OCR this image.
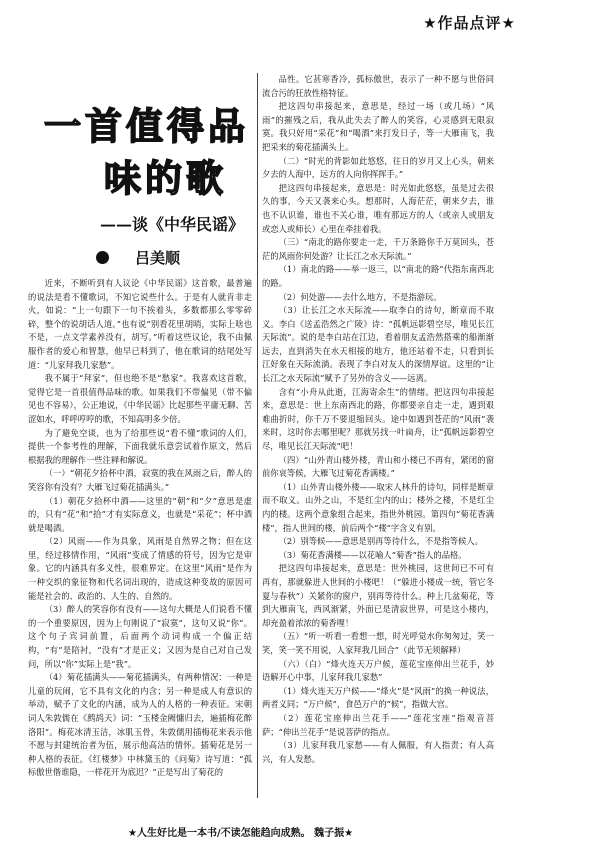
★作品点评★
一首值得品
味的歌
——谈《中华民谣》
吕美顺

近来，不断听到有人议论《中华民谣》这首歌，最普遍的说法是看不懂歌词，不知它说些什么。于是有人就肯非走火，如说：“上一句跟下一句不挨着头，多数都那么零零碎碎，整个的说胡话人道。”也有说“别看花里胡哨，实际上啥也不是，一点文学素养没有，胡写。”听着这些议论，我不由佩服作者的爱心和智慧，他早已料到了，他在歌词的结尾处写道：“儿家拜我几家愁”。

我不属于“拜家”，但也绝不是“愁家”。我喜欢这首歌，觉得它是一首很值得品味的歌。如果我们不带偏见（带不偏见也不容易），公正地说，《中华民谣》比起那些平庸无聊、苦涩如水，呼呼哼哼的歌，不知高明多少倍。

为了避免空谈，也为了给那些说“看不懂”歌词的人们，提供一个参考性的理解，下面我就乐意尝试着作原文，然后根据我的理解作一些注释和解说。

（一）“朝花夕拾杯中酒，寂寞的我在风雨之后，醉人的笑容你有没有？大雁飞过菊花插满头。”

（1）朝花夕拾杯中酒——这里的“朝”和“夕”意思是虚的，只有“花”和“拾”才有实际意义，也就是“采花”；杯中酒就是喝酒。

（2）风雨——作为具象，风雨是自然界之物；但在这里，经过移情作用，“风雨”变成了情感的符号，因为它是审象。它的内涵具有多义性，很难界定。在这里“风雨”是作为一种交织的象征物和代名词出现的，造成这种变故的原因可能是社会的、政治的、人生的、自然的。

（3）醉人的笑容你有没有——这句大概是人们说看不懂的一个重要原因，因为上句刚说了“寂寞”，这句又说“你”。这个句子宾词前置，后面两个动词构成一个偏正结构，“有”是陪衬，“没有”才是正义；又因为是自己对自己发问，所以“你”实际上是“我”。

（4）菊花插满头——菊花插满头，有两种情况：一种是儿童的玩闹，它不具有文化的内含；另一种是成人有意识的举动，赋予了文化的内涵，成为人的人格的一种表征。宋朝词人朱敦儒在《鹧鸪天》词：“玉楼金阙慵归去，遍插梅花醉洛阳”。梅花冰清玉洁，冰肌玉骨，朱敦儒用插梅花来表示他不愿与封建统治者为伍，展示他高洁的情怀。插菊花是另一种人格的表征。《红楼梦》中林黛玉的《问菊》诗写道：“孤标傲世偕谁隐，一样花开为底迟？”正是写出了菊花的

品性。它甚寒香冷，孤标傲世，表示了一种不愿与世俗同流合污的狂放性格特征。

把这四句串接起来，意思是，经过一场（或几场）“风雨”的摧残之后，我从此失去了醉人的笑容，心灵感到无限寂寞。我只好用“采花”和“喝酒”来打发日子，等一大雁南飞，我把采来的菊花插满头上。

（二）“时光的背影如此悠悠，往日的岁月又上心头，朝来夕去的人海中，远方的人向你挥挥手。”

把这四句串接起来，意思是：时光如此悠悠，虽是过去很久的事，今天又袭来心头。想那时，人海茫茫，朝来夕去，谁也不认识谁，谁也不关心谁，唯有那远方的人（或亲人或朋友或恋人或师长）心里在牵挂着我。

（三）“南北的路你要走一走，千万条路你千万莫回头，苍茫的风雨你何处游？让长江之水天际流。”

（1）南北的路——举一返三，以“南北的路”代指东南西北的路。

（2）何处游——去什么地方，不是指游玩。

（3）让长江之水天际流——取李白的诗句，断章而不取义。李白《送孟浩然之广陵》诗：“孤帆远影碧空尽，唯见长江天际流”。说的是李白站在江边，看着朋友孟浩然搭乘的船渐渐远去，直到消失在水天相接的地方，他还站着不走，只看到长江好象在天际流淌。表现了李白对友人的深情厚谊。这里的“让长江之水天际流”赋予了另外的含义——远离。

含有“小舟从此逝，江海寄余生”的情绪。把这四句串接起来，意思是：世上东南西北的路，你都要亲自走一走，遇到艰难曲折时，你千万不要退缩回头。途中如遇到苍茫的“风雨”袭来时，这时你去哪里呢？那就另找一叶扁舟，让“孤帆远影碧空尽，唯见长江天际流”吧！

（四）“山外青山楼外楼，青山和小楼已不再有，紧闭的窗前你哀等候，大雁飞过菊花香满楼。”

（1）山外青山楼外楼——取宋人林升的诗句，同样是断章而不取义。山外之山，不是红尘内的山；楼外之楼，不是红尘内的楼。这两个意象组合起来，指世外桃园。第四句“菊花香满楼”，指人世间的楼，前后两个“楼”字含义有别。

（2）别等候——意思是别再等待什么，不是指等候人。

（3）菊花香满楼——以花喻人“菊香”指人的品格。

把这四句串接起来，意思是：世外桃园，这世间已不可有再有，那就躲进人世间的小楼吧！（“躲进小楼成一统，管它冬夏与春秋”）关紧你的窗户，别再等待什么。种上几盆菊花，等到大雁南飞，西风渐紧，外面已是清寂世界，可是这小楼内，却充盈着浓浓的菊香哩！

（五）“听一听看一看想一想，时光呼觉水你匆匆过，笑一笑，笑一笑不用说，人家拜我几回合”（此节无须解释）

（六）（白）“烽火连天万户候，莲花宝座伸出兰花手，妙语解开心中事，儿家拜我几家愁”

（1）烽火连天万户候——“烽火”是“风雨”的换一种说法，两者义同；“万户候”，食邑万户的“候”，指做大官。

（2）莲花宝座伸出兰花手——“莲花宝座”指观音菩萨；“伸出兰花手”是说菩萨的指点。

（3）儿家拜我几家愁——有人佩服，有人指责；有人高兴，有人发愁。

★人生好比是一本书/不读怎能趋向成熟。 魏子振★
